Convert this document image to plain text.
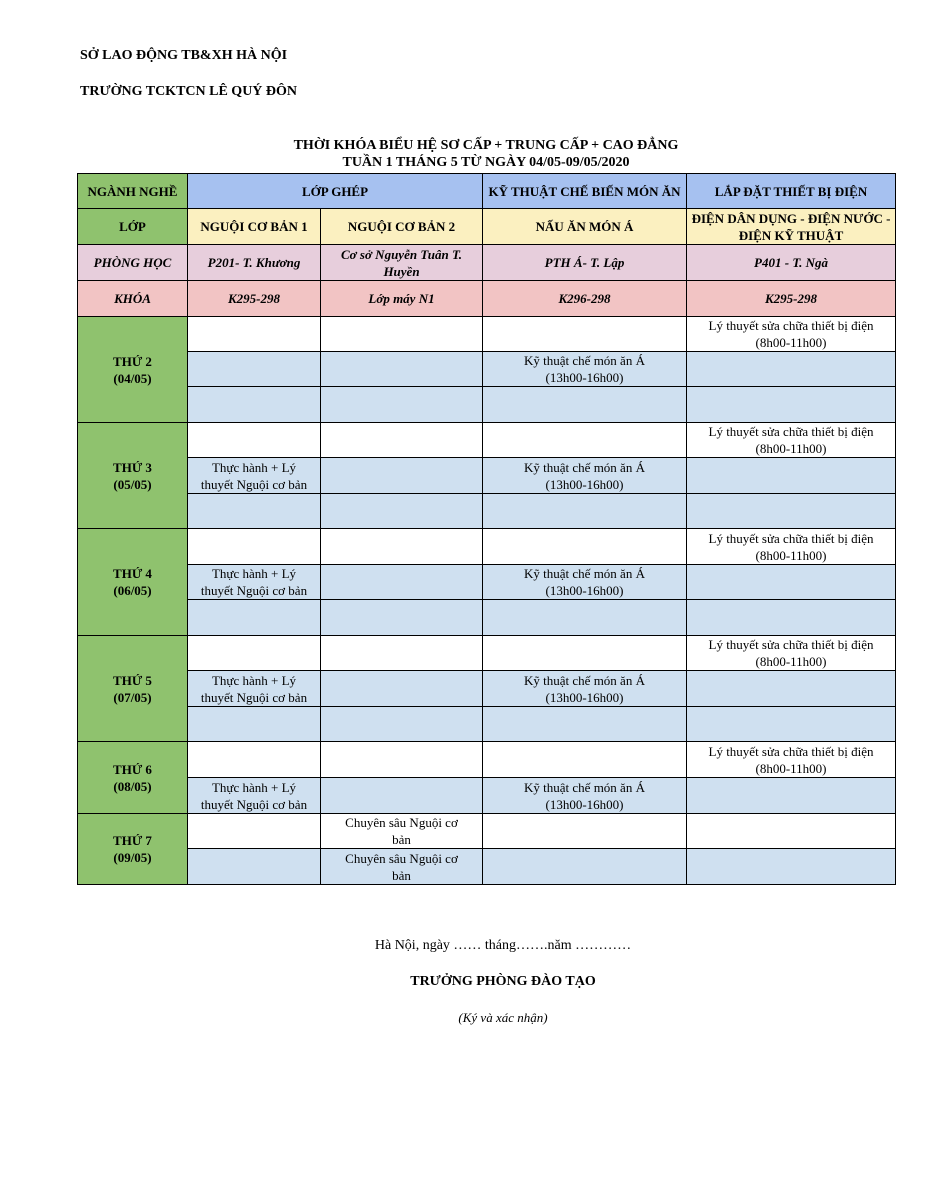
SỞ LAO ĐỘNG TB&XH HÀ NỘI
TRƯỜNG TCKTCN LÊ QUÝ ĐÔN
THỜI KHÓA BIỂU HỆ SƠ CẤP + TRUNG CẤP + CAO ĐẲNG
TUẦN 1 THÁNG 5 TỪ NGÀY 04/05-09/05/2020
NGÀNH NGHỀ	LỚP GHÉP		KỸ THUẬT CHẾ BIẾN MÓN ĂN	LẮP ĐẶT THIẾT BỊ ĐIỆN
LỚP	NGUỘI CƠ BẢN 1	NGUỘI CƠ BẢN 2	NẤU ĂN MÓN Á	ĐIỆN DÂN DỤNG - ĐIỆN NƯỚC - ĐIỆN KỸ THUẬT
PHÒNG HỌC	P201- T. Khương	Cơ sở Nguyễn Tuân T. Huyền	PTH Á- T. Lập	P401 - T. Ngà
KHÓA	K295-298	Lớp máy N1	K296-298	K295-298
THỨ 2
(04/05)				Lý thuyết sửa chữa thiết bị điện
(8h00-11h00)
			Kỹ thuật chế món ăn Á
(13h00-16h00)	

THỨ 3
(05/05)				Lý thuyết sửa chữa thiết bị điện
(8h00-11h00)
	Thực hành + Lý
thuyết Nguội cơ bản		Kỹ thuật chế món ăn Á
(13h00-16h00)	

THỨ 4
(06/05)				Lý thuyết sửa chữa thiết bị điện
(8h00-11h00)
	Thực hành + Lý
thuyết Nguội cơ bản		Kỹ thuật chế món ăn Á
(13h00-16h00)	

THỨ 5
(07/05)				Lý thuyết sửa chữa thiết bị điện
(8h00-11h00)
	Thực hành + Lý
thuyết Nguội cơ bản		Kỹ thuật chế món ăn Á
(13h00-16h00)	

THỨ 6
(08/05)				Lý thuyết sửa chữa thiết bị điện
(8h00-11h00)
	Thực hành + Lý
thuyết Nguội cơ bản		Kỹ thuật chế món ăn Á
(13h00-16h00)	
THỨ 7
(09/05)		Chuyên sâu Nguội cơ
bản		
		Chuyên sâu Nguội cơ
bản		
Hà Nội, ngày …… tháng…….năm …………
TRƯỞNG PHÒNG ĐÀO TẠO
(Ký và xác nhận)
